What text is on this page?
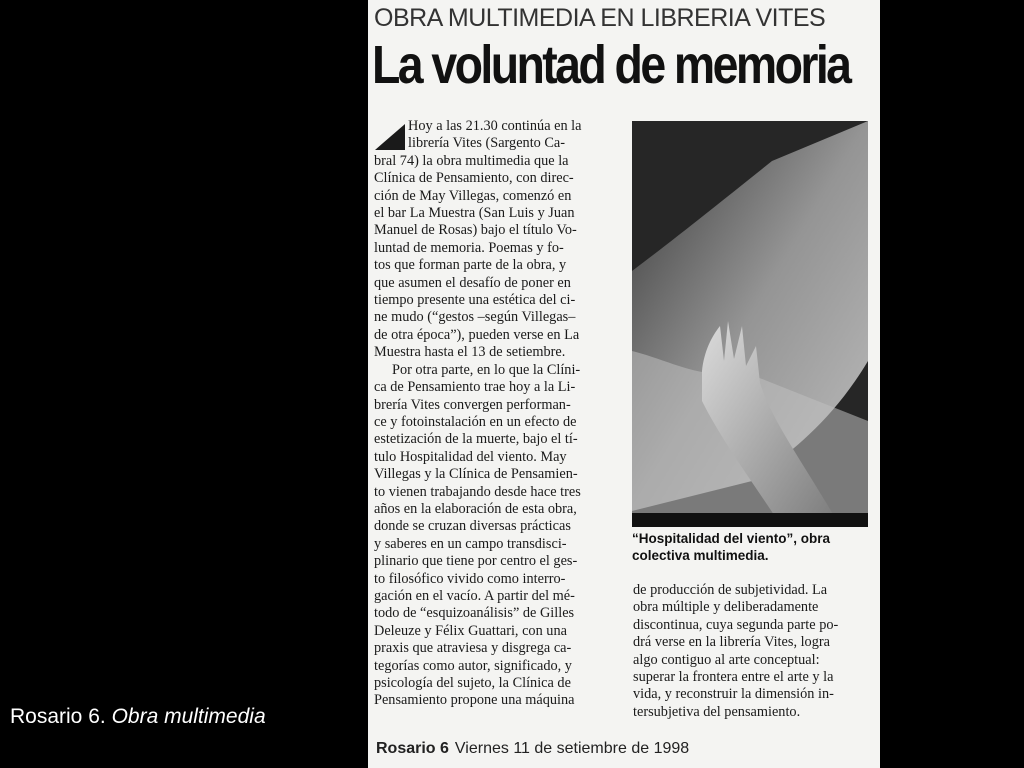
Rosario 6. Obra multimedia
OBRA MULTIMEDIA EN LIBRERIA VITES
La voluntad de memoria
Hoy a las 21.30 continúa en la
librería Vites (Sargento Ca-
bral 74) la obra multimedia que la
Clínica de Pensamiento, con direc-
ción de May Villegas, comenzó en
el bar La Muestra (San Luis y Juan
Manuel de Rosas) bajo el título Vo-
luntad de memoria. Poemas y fo-
tos que forman parte de la obra, y
que asumen el desafío de poner en
tiempo presente una estética del ci-
ne mudo (“gestos –según Villegas–
de otra época”), pueden verse en La
Muestra hasta el 13 de setiembre.
Por otra parte, en lo que la Clíni-
ca de Pensamiento trae hoy a la Li-
brería Vites convergen performan-
ce y fotoinstalación en un efecto de
estetización de la muerte, bajo el tí-
tulo Hospitalidad del viento. May
Villegas y la Clínica de Pensamien-
to vienen trabajando desde hace tres
años en la elaboración de esta obra,
donde se cruzan diversas prácticas
y saberes en un campo transdisci-
plinario que tiene por centro el ges-
to filosófico vivido como interro-
gación en el vacío. A partir del mé-
todo de “esquizoanálisis” de Gilles
Deleuze y Félix Guattari, con una
praxis que atraviesa y disgrega ca-
tegorías como autor, significado, y
psicología del sujeto, la Clínica de
Pensamiento propone una máquina
“Hospitalidad del viento”, obra colectiva multimedia.
de producción de subjetividad. La
obra múltiple y deliberadamente
discontinua, cuya segunda parte po-
drá verse en la librería Vites, logra
algo contiguo al arte conceptual:
superar la frontera entre el arte y la
vida, y reconstruir la dimensión in-
tersubjetiva del pensamiento.
Rosario 6 Viernes 11 de setiembre de 1998
